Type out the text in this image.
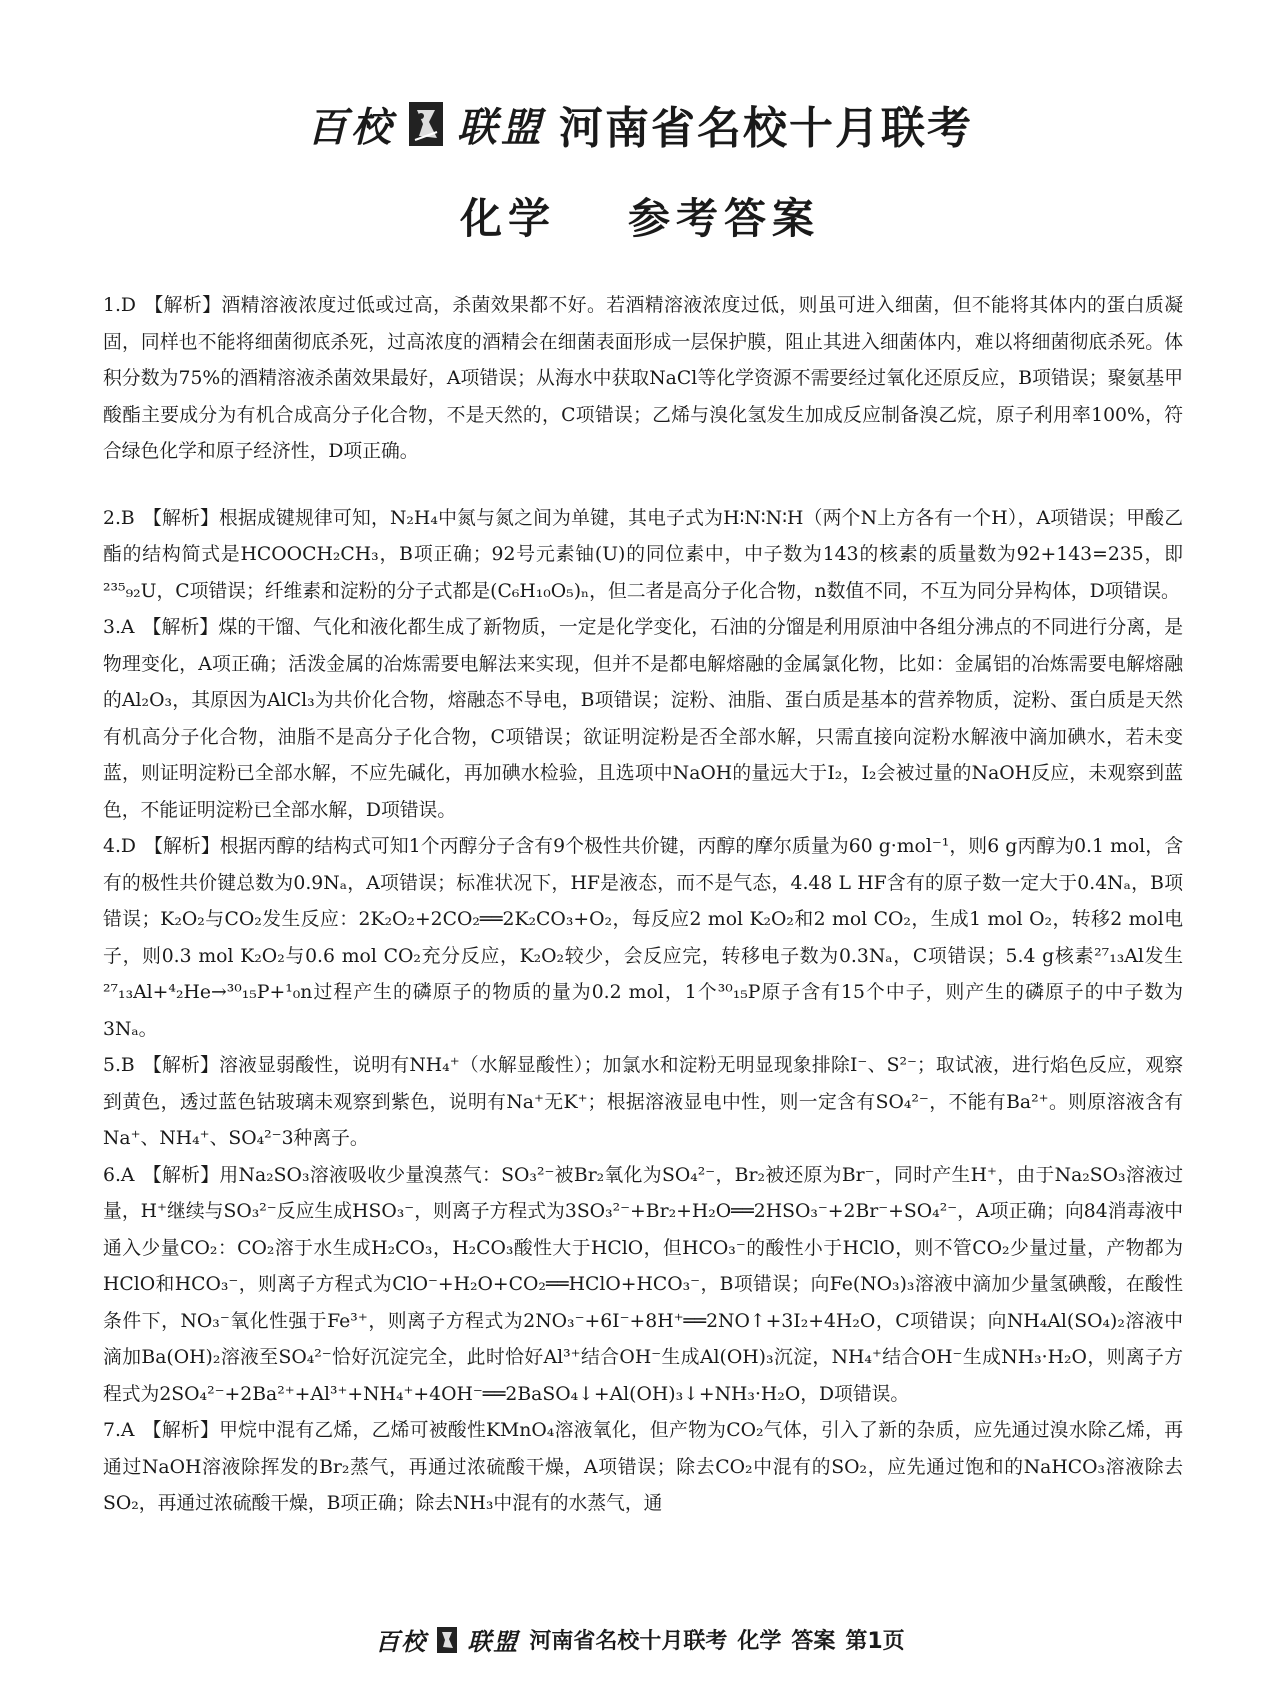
百校 联盟 河南省名校十月联考
化学 参考答案

1.D 【解析】酒精溶液浓度过低或过高，杀菌效果都不好。若酒精溶液浓度过低，则虽可进入细菌，但不能将其体内的蛋白质凝固，同样也不能将细菌彻底杀死，过高浓度的酒精会在细菌表面形成一层保护膜，阻止其进入细菌体内，难以将细菌彻底杀死。体积分数为75%的酒精溶液杀菌效果最好，A项错误；从海水中获取NaCl等化学资源不需要经过氧化还原反应，B项错误；聚氨基甲酸酯主要成分为有机合成高分子化合物，不是天然的，C项错误；乙烯与溴化氢发生加成反应制备溴乙烷，原子利用率100%，符合绿色化学和原子经济性，D项正确。

2.B 【解析】根据成键规律可知，N₂H₄中氮与氮之间为单键，其电子式为H∶N∶N∶H（两个N上方各有一个H），A项错误；甲酸乙酯的结构简式是HCOOCH₂CH₃，B项正确；92号元素铀(U)的同位素中，中子数为143的核素的质量数为92+143=235，即²³⁵₉₂U，C项错误；纤维素和淀粉的分子式都是(C₆H₁₀O₅)ₙ，但二者是高分子化合物，n数值不同，不互为同分异构体，D项错误。

3.A 【解析】煤的干馏、气化和液化都生成了新物质，一定是化学变化，石油的分馏是利用原油中各组分沸点的不同进行分离，是物理变化，A项正确；活泼金属的冶炼需要电解法来实现，但并不是都电解熔融的金属氯化物，比如：金属铝的冶炼需要电解熔融的Al₂O₃，其原因为AlCl₃为共价化合物，熔融态不导电，B项错误；淀粉、油脂、蛋白质是基本的营养物质，淀粉、蛋白质是天然有机高分子化合物，油脂不是高分子化合物，C项错误；欲证明淀粉是否全部水解，只需直接向淀粉水解液中滴加碘水，若未变蓝，则证明淀粉已全部水解，不应先碱化，再加碘水检验，且选项中NaOH的量远大于I₂，I₂会被过量的NaOH反应，未观察到蓝色，不能证明淀粉已全部水解，D项错误。

4.D 【解析】根据丙醇的结构式可知1个丙醇分子含有9个极性共价键，丙醇的摩尔质量为60 g·mol⁻¹，则6 g丙醇为0.1 mol，含有的极性共价键总数为0.9Nₐ，A项错误；标准状况下，HF是液态，而不是气态，4.48 L HF含有的原子数一定大于0.4Nₐ，B项错误；K₂O₂与CO₂发生反应：2K₂O₂+2CO₂══2K₂CO₃+O₂，每反应2 mol K₂O₂和2 mol CO₂，生成1 mol O₂，转移2 mol电子，则0.3 mol K₂O₂与0.6 mol CO₂充分反应，K₂O₂较少，会反应完，转移电子数为0.3Nₐ，C项错误；5.4 g核素²⁷₁₃Al发生²⁷₁₃Al+⁴₂He→³⁰₁₅P+¹₀n过程产生的磷原子的物质的量为0.2 mol，1个³⁰₁₅P原子含有15个中子，则产生的磷原子的中子数为3Nₐ。

5.B 【解析】溶液显弱酸性，说明有NH₄⁺（水解显酸性）；加氯水和淀粉无明显现象排除I⁻、S²⁻；取试液，进行焰色反应，观察到黄色，透过蓝色钴玻璃未观察到紫色，说明有Na⁺无K⁺；根据溶液显电中性，则一定含有SO₄²⁻，不能有Ba²⁺。则原溶液含有Na⁺、NH₄⁺、SO₄²⁻3种离子。

6.A 【解析】用Na₂SO₃溶液吸收少量溴蒸气：SO₃²⁻被Br₂氧化为SO₄²⁻，Br₂被还原为Br⁻，同时产生H⁺，由于Na₂SO₃溶液过量，H⁺继续与SO₃²⁻反应生成HSO₃⁻，则离子方程式为3SO₃²⁻+Br₂+H₂O══2HSO₃⁻+2Br⁻+SO₄²⁻，A项正确；向84消毒液中通入少量CO₂：CO₂溶于水生成H₂CO₃，H₂CO₃酸性大于HClO，但HCO₃⁻的酸性小于HClO，则不管CO₂少量过量，产物都为HClO和HCO₃⁻，则离子方程式为ClO⁻+H₂O+CO₂══HClO+HCO₃⁻，B项错误；向Fe(NO₃)₃溶液中滴加少量氢碘酸，在酸性条件下，NO₃⁻氧化性强于Fe³⁺，则离子方程式为2NO₃⁻+6I⁻+8H⁺══2NO↑+3I₂+4H₂O，C项错误；向NH₄Al(SO₄)₂溶液中滴加Ba(OH)₂溶液至SO₄²⁻恰好沉淀完全，此时恰好Al³⁺结合OH⁻生成Al(OH)₃沉淀，NH₄⁺结合OH⁻生成NH₃·H₂O，则离子方程式为2SO₄²⁻+2Ba²⁺+Al³⁺+NH₄⁺+4OH⁻══2BaSO₄↓+Al(OH)₃↓+NH₃·H₂O，D项错误。

7.A 【解析】甲烷中混有乙烯，乙烯可被酸性KMnO₄溶液氧化，但产物为CO₂气体，引入了新的杂质，应先通过溴水除乙烯，再通过NaOH溶液除挥发的Br₂蒸气，再通过浓硫酸干燥，A项错误；除去CO₂中混有的SO₂，应先通过饱和的NaHCO₃溶液除去SO₂，再通过浓硫酸干燥，B项正确；除去NH₃中混有的水蒸气，通

百校 联盟 河南省名校十月联考 化学 答案 第1页
